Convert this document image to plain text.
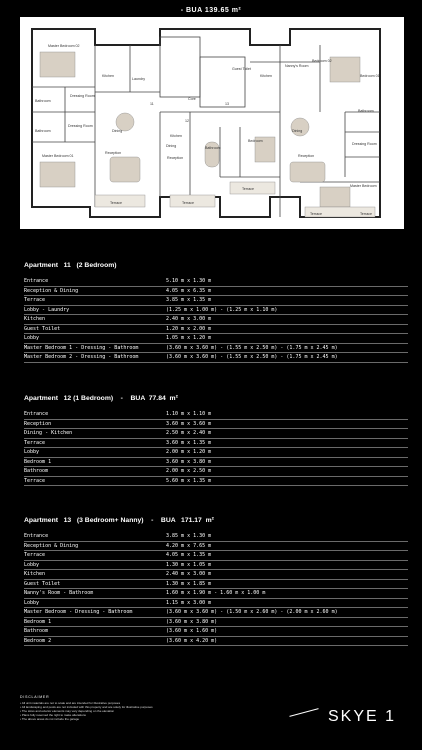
- BUA 139.65 m²
Master Bedroom 02
Dressing Room
Bathroom
Bathroom
Dressing Room
Master Bedroom 01
Kitchen
Laundry
Dining
Reception
Terrace
11
12
13
Core
Kitchen
Dining
Reception
Bathroom
Bedroom
Terrace
Terrace
Guest Toilet
Kitchen
Nanny's Room
Bedroom 02
Bedroom 01
Bathroom
Dining
Dressing Room
Reception
Master Bedroom
Terrace	Terrace
Apartment   11   (2 Bedroom)
Entrance	5.10 m x 1.30 m
Reception & Dining	4.05 m x 6.35 m
Terrace	3.85 m x 1.35 m
Lobby - Laundry	(1.25 m x 1.00 m) - (1.25 m x 1.10 m)
Kitchen	2.40 m x 3.00 m
Guest Toilet	1.20 m x 2.00 m
Lobby	1.05 m x 1.20 m
Master Bedroom 1 - Dressing - Bathroom	(3.60 m x 3.60 m) - (1.55 m x 2.50 m) - (1.75 m x 2.45 m)
Master Bedroom 2 - Dressing - Bathroom	(3.60 m x 3.60 m) - (1.55 m x 2.50 m) - (1.75 m x 2.45 m)
Apartment   12 (1 Bedroom)    -    BUA  77.84  m²
Entrance	1.10 m x 1.10 m
Reception	3.60 m x 3.60 m
Dining - Kitchen	2.50 m x 2.40 m
Terrace	3.60 m x 1.35 m
Lobby	2.00 m x 1.20 m
Bedroom 1	3.60 m x 3.80 m
Bathroom	2.00 m x 2.50 m
Terrace	5.60 m x 1.35 m
Apartment   13   (3 Bedroom+ Nanny)    -    BUA   171.17  m²
Entrance	3.85 m x 1.30 m
Reception & Dining	4.20 m x 7.65 m
Terrace	4.05 m x 1.35 m
Lobby	1.30 m x 1.05 m
Kitchen	2.40 m x 3.00 m
Guest Toilet	1.30 m x 1.85 m
Nanny's Room - Bathroom	1.60 m x 1.90 m - 1.60 m x 1.00 m
Lobby	1.15 m x 3.00 m
Master Bedroom - Dressing - Bathroom	(3.60 m x 3.60 m) - (1.50 m x 2.60 m) - (2.00 m x 2.60 m)
Bedroom 1	(3.60 m x 3.80 m)
Bathroom	(3.60 m x 1.60 m)
Bedroom 2	(3.60 m x 4.20 m)
DISCLAIMER
• All unit materials are not to scale and are intended for illustrative purposes
• All landscaping and pools are not included with this property and are solely for illustrative purposes
• The sizes and exterior elements may vary depending on the elevation
• Plans fully reserved the right to make alterations
• The above areas do not include the garage	SKYE 1
